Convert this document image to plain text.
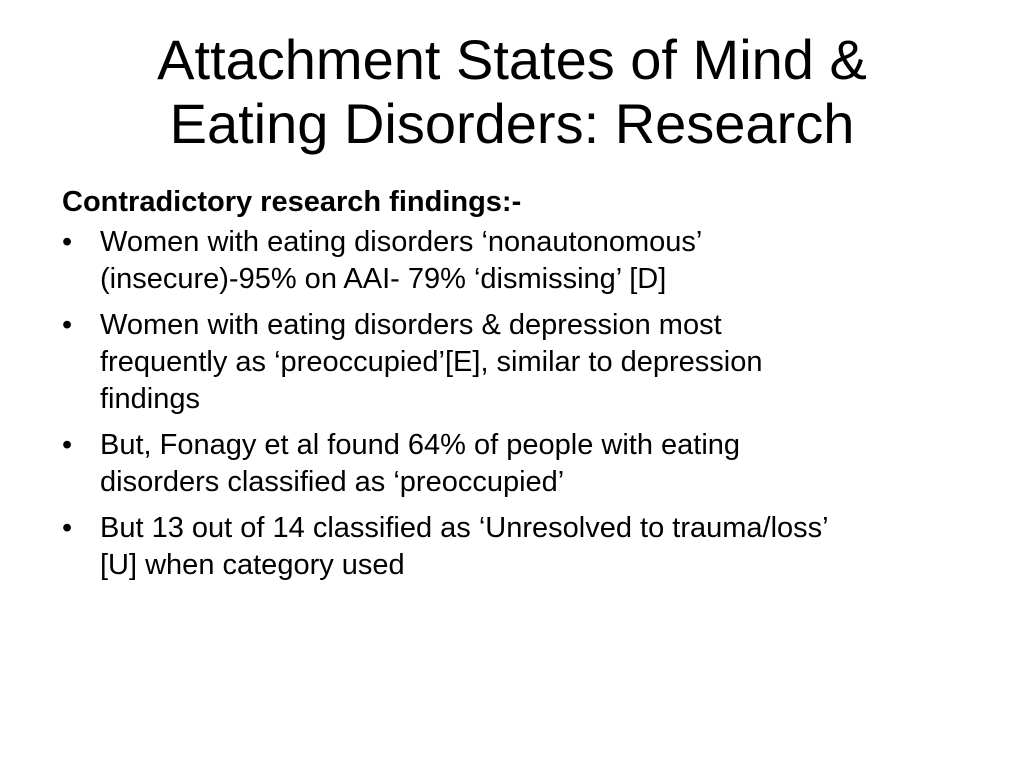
Attachment States of Mind &
Eating Disorders: Research

Contradictory research findings:-

• Women with eating disorders ‘nonautonomous’
(insecure)-95% on AAI- 79% ‘dismissing’ [D]
• Women with eating disorders & depression most
frequently as ‘preoccupied’[E], similar to depression
findings
• But, Fonagy et al found 64% of people with eating
disorders classified as ‘preoccupied’
• But 13 out of 14 classified as ‘Unresolved to trauma/loss’
[U] when category used
